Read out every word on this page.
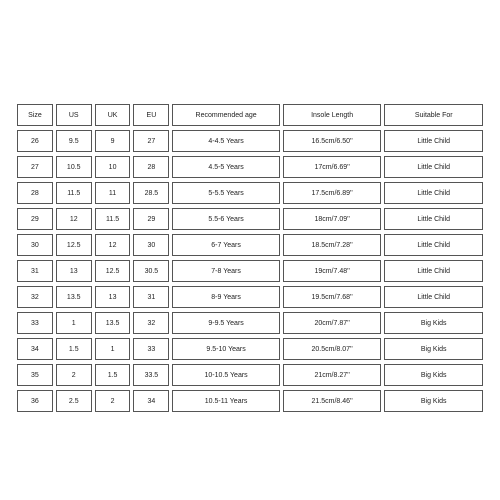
Size	US	UK	EU	Recommended age	Insole Length	Suitable For
26	9.5	9	27	4-4.5 Years	16.5cm/6.50''	Little Child
27	10.5	10	28	4.5-5 Years	17cm/6.69''	Little Child
28	11.5	11	28.5	5-5.5 Years	17.5cm/6.89''	Little Child
29	12	11.5	29	5.5-6 Years	18cm/7.09''	Little Child
30	12.5	12	30	6-7 Years	18.5cm/7.28''	Little Child
31	13	12.5	30.5	7-8 Years	19cm/7.48''	Little Child
32	13.5	13	31	8-9 Years	19.5cm/7.68''	Little Child
33	1	13.5	32	9-9.5 Years	20cm/7.87''	Big Kids
34	1.5	1	33	9.5-10 Years	20.5cm/8.07''	Big Kids
35	2	1.5	33.5	10-10.5 Years	21cm/8.27''	Big Kids
36	2.5	2	34	10.5-11 Years	21.5cm/8.46''	Big Kids
